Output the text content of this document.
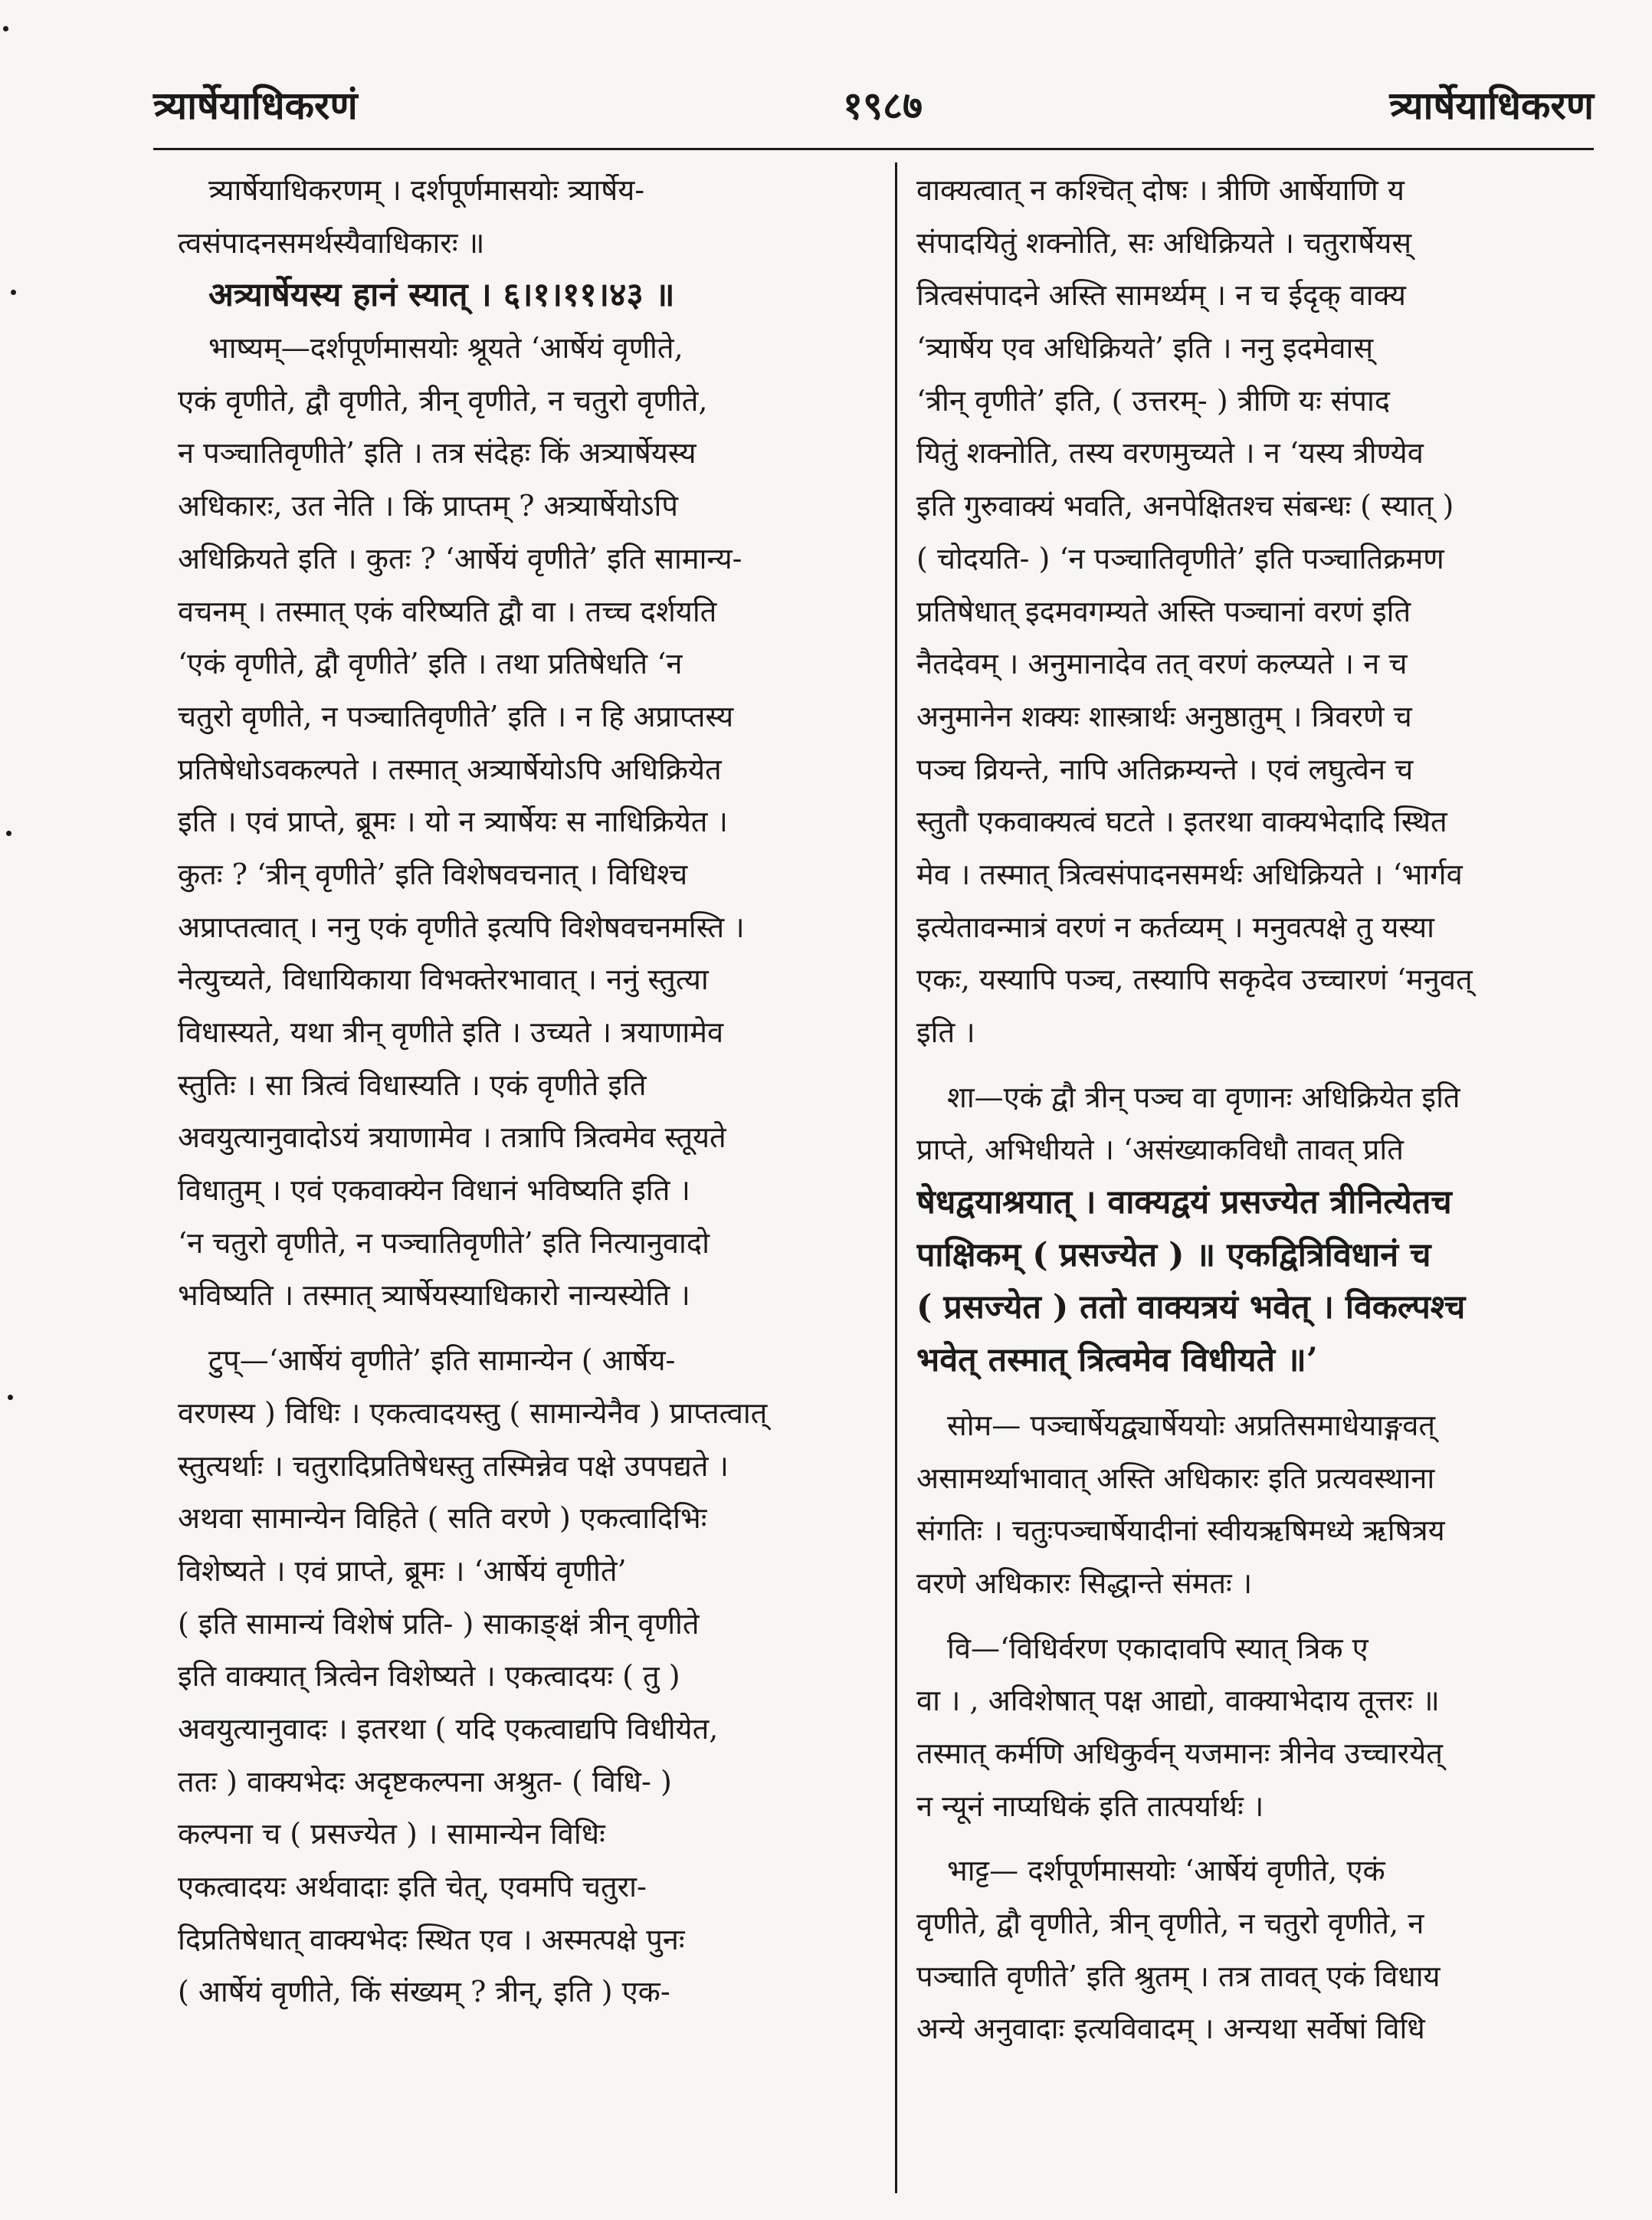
त्र्यार्षेयाधिकरणं	१९८७	त्र्यार्षेयाधिकरण
त्र्यार्षेयाधिकरणम् । दर्शपूर्णमासयोः त्र्यार्षेय-
त्वसंपादनसमर्थस्यैवाधिकारः ॥
अत्र्यार्षेयस्य हानं स्यात् । ६।१।११।४३ ॥
भाष्यम्—दर्शपूर्णमासयोः श्रूयते ‘आर्षेयं वृणीते,
एकं वृणीते, द्वौ वृणीते, त्रीन् वृणीते, न चतुरो वृणीते,
न पञ्चातिवृणीते’ इति । तत्र संदेहः किं अत्र्यार्षेयस्य
अधिकारः, उत नेति । किं प्राप्तम् ? अत्र्यार्षेयोऽपि
अधिक्रियते इति । कुतः ? ‘आर्षेयं वृणीते’ इति सामान्य-
वचनम् । तस्मात् एकं वरिष्यति द्वौ वा । तच्च दर्शयति
‘एकं वृणीते, द्वौ वृणीते’ इति । तथा प्रतिषेधति ‘न
चतुरो वृणीते, न पञ्चातिवृणीते’ इति । न हि अप्राप्तस्य
प्रतिषेधोऽवकल्पते । तस्मात् अत्र्यार्षेयोऽपि अधिक्रियेत
इति । एवं प्राप्ते, ब्रूमः । यो न त्र्यार्षेयः स नाधिक्रियेत ।
कुतः ? ‘त्रीन् वृणीते’ इति विशेषवचनात् । विधिश्च
अप्राप्तत्वात् । ननु एकं वृणीते इत्यपि विशेषवचनमस्ति ।
नेत्युच्यते, विधायिकाया विभक्तेरभावात् । ननुं स्तुत्या
विधास्यते, यथा त्रीन् वृणीते इति । उच्यते । त्रयाणामेव
स्तुतिः । सा त्रित्वं विधास्यति । एकं वृणीते इति
अवयुत्यानुवादोऽयं त्रयाणामेव । तत्रापि त्रित्वमेव स्तूयते
विधातुम् । एवं एकवाक्येन विधानं भविष्यति इति ।
‘न चतुरो वृणीते, न पञ्चातिवृणीते’ इति नित्यानुवादो
भविष्यति । तस्मात् त्र्यार्षेयस्याधिकारो नान्यस्येति ।
टुप्—‘आर्षेयं वृणीते’ इति सामान्येन ( आर्षेय-
वरणस्य ) विधिः । एकत्वादयस्तु ( सामान्येनैव ) प्राप्तत्वात्
स्तुत्यर्थाः । चतुरादिप्रतिषेधस्तु तस्मिन्नेव पक्षे उपपद्यते ।
अथवा सामान्येन विहिते ( सति वरणे ) एकत्वादिभिः
विशेष्यते । एवं प्राप्ते, ब्रूमः । ‘आर्षेयं वृणीते’
( इति सामान्यं विशेषं प्रति- ) साकाङ्क्षं त्रीन् वृणीते
इति वाक्यात् त्रित्वेन विशेष्यते । एकत्वादयः ( तु )
अवयुत्यानुवादः । इतरथा ( यदि एकत्वाद्यपि विधीयेत,
ततः ) वाक्यभेदः अदृष्टकल्पना अश्रुत- ( विधि- )
कल्पना च ( प्रसज्येत ) । सामान्येन विधिः
एकत्वादयः अर्थवादाः इति चेत्, एवमपि चतुरा-
दिप्रतिषेधात् वाक्यभेदः स्थित एव । अस्मत्पक्षे पुनः
( आर्षेयं वृणीते, किं संख्यम् ? त्रीन्, इति ) एक-
वाक्यत्वात् न कश्चित् दोषः । त्रीणि आर्षेयाणि य
संपादयितुं शक्नोति, सः अधिक्रियते । चतुरार्षेयस्
त्रित्वसंपादने अस्ति सामर्थ्यम् । न च ईदृक् वाक्य
‘त्र्यार्षेय एव अधिक्रियते’ इति । ननु इदमेवास्
‘त्रीन् वृणीते’ इति, ( उत्तरम्- ) त्रीणि यः संपाद
यितुं शक्नोति, तस्य वरणमुच्यते । न ‘यस्य त्रीण्येव
इति गुरुवाक्यं भवति, अनपेक्षितश्च संबन्धः ( स्यात् )
( चोदयति- ) ‘न पञ्चातिवृणीते’ इति पञ्चातिक्रमण
प्रतिषेधात् इदमवगम्यते अस्ति पञ्चानां वरणं इति
नैतदेवम् । अनुमानादेव तत् वरणं कल्प्यते । न च
अनुमानेन शक्यः शास्त्रार्थः अनुष्ठातुम् । त्रिवरणे च
पञ्च व्रियन्ते, नापि अतिक्रम्यन्ते । एवं लघुत्वेन च
स्तुतौ एकवाक्यत्वं घटते । इतरथा वाक्यभेदादि स्थित
मेव । तस्मात् त्रित्वसंपादनसमर्थः अधिक्रियते । ‘भार्गव
इत्येतावन्मात्रं वरणं न कर्तव्यम् । मनुवत्पक्षे तु यस्या
एकः, यस्यापि पञ्च, तस्यापि सकृदेव उच्चारणं ‘मनुवत्
इति ।
शा—एकं द्वौ त्रीन् पञ्च वा वृणानः अधिक्रियेत इति
प्राप्ते, अभिधीयते । ‘असंख्याकविधौ तावत् प्रति
षेधद्वयाश्रयात् । वाक्यद्वयं प्रसज्येत त्रीनित्येतच
पाक्षिकम् ( प्रसज्येत ) ॥ एकद्वित्रिविधानं च
( प्रसज्येत ) ततो वाक्यत्रयं भवेत् । विकल्पश्च
भवेत् तस्मात् त्रित्वमेव विधीयते ॥’
सोम— पञ्चार्षेयद्व्यार्षेययोः अप्रतिसमाधेयाङ्गवत्
असामर्थ्याभावात् अस्ति अधिकारः इति प्रत्यवस्थाना
संगतिः । चतुःपञ्चार्षेयादीनां स्वीयऋषिमध्ये ऋषित्रय
वरणे अधिकारः सिद्धान्ते संमतः ।
वि—‘विधिर्वरण एकादावपि स्यात् त्रिक ए
वा । , अविशेषात् पक्ष आद्यो, वाक्याभेदाय तूत्तरः ॥
तस्मात् कर्मणि अधिकुर्वन् यजमानः त्रीनेव उच्चारयेत्
न न्यूनं नाप्यधिकं इति तात्पर्यार्थः ।
भाट्ट— दर्शपूर्णमासयोः ‘आर्षेयं वृणीते, एकं
वृणीते, द्वौ वृणीते, त्रीन् वृणीते, न चतुरो वृणीते, न
पञ्चाति वृणीते’ इति श्रुतम् । तत्र तावत् एकं विधाय
अन्ये अनुवादाः इत्यविवादम् । अन्यथा सर्वेषां विधि
